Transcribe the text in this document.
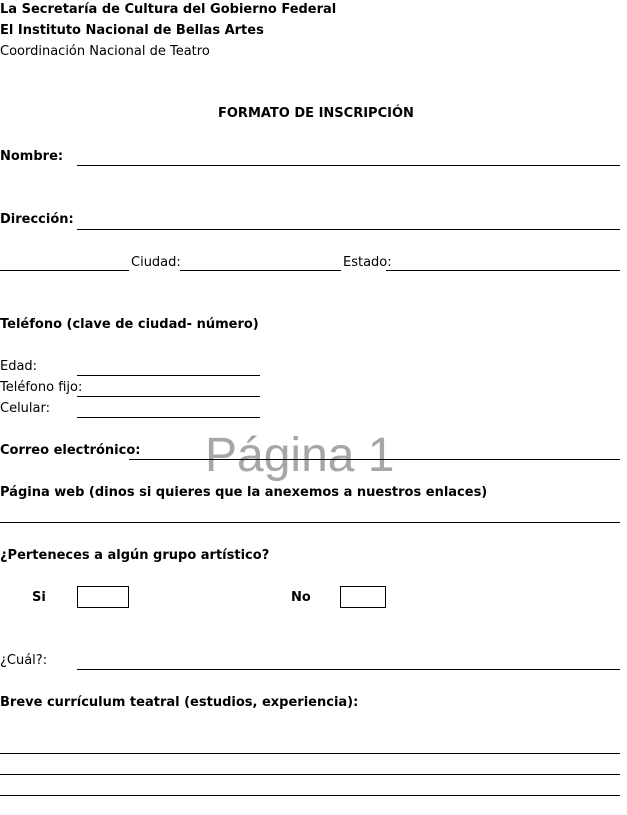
La Secretaría de Cultura del Gobierno Federal
El Instituto Nacional de Bellas Artes
Coordinación Nacional de Teatro
FORMATO DE INSCRIPCIÓN
Nombre:
Dirección:
Ciudad:	Estado:
Teléfono (clave de ciudad- número)
Edad:
Teléfono fijo:
Celular:
Página 1
Correo electrónico:
Página web (dinos si quieres que la anexemos a nuestros enlaces)
¿Perteneces a algún grupo artístico?
Si	No
¿Cuál?:
Breve currículum teatral (estudios, experiencia):
